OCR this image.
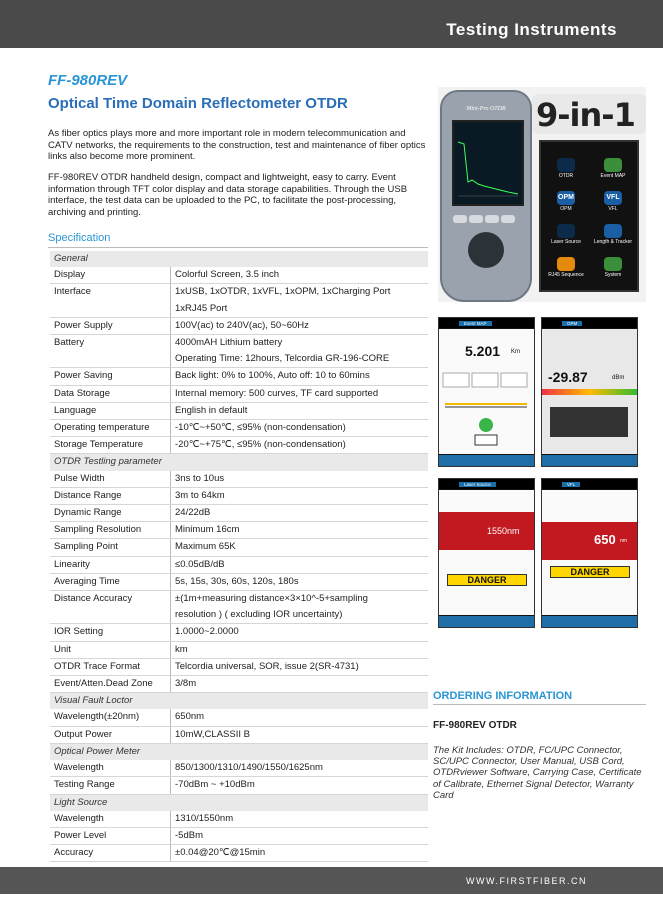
Testing Instruments
FF-980REV
Optical Time Domain Reflectometer OTDR
As fiber optics plays more and more important role in modern telecommunication and CATV networks, the requirements to the construction, test and maintenance of fiber optics links also become more prominent.
FF-980REV OTDR handheld design, compact and lightweight, easy to carry. Event information through TFT color display and data storage capabilities. Through the USB interface, the test data can be uploaded to the PC, to facilitate the post-processing, archiving and printing.
Specification
General	
Display	Colorful Screen, 3.5 inch
Interface	1xUSB, 1xOTDR, 1xVFL, 1xOPM, 1xCharging Port
	1xRJ45 Port
Power Supply	100V(ac) to 240V(ac), 50~60Hz
Battery	4000mAH Lithium battery
	Operating Time: 12hours, Telcordia GR-196-CORE
Power Saving	Back light: 0% to 100%, Auto off: 10 to 60mins
Data Storage	Internal memory: 500 curves, TF card supported
Language	English in default
Operating temperature	-10℃~+50℃, ≤95% (non-condensation)
Storage Temperature	-20℃~+75℃, ≤95% (non-condensation)
OTDR Testling parameter	
Pulse Width	3ns to 10us
Distance Range	3m to 64km
Dynamic Range	24/22dB
Sampling Resolution	Minimum 16cm
Sampling Point	Maximum 65K
Linearity	≤0.05dB/dB
Averaging Time	5s, 15s, 30s, 60s, 120s, 180s
Distance Accuracy	±(1m+measuring distance×3×10^-5+sampling
	resolution ) ( excluding IOR uncertainty)
IOR Setting	1.0000~2.0000
Unit	km
OTDR Trace Format	Telcordia universal, SOR, issue 2(SR-4731)
Event/Atten.Dead Zone	3/8m
Visual Fault Loctor	
Wavelength(±20nm)	650nm
Output Power	10mW,CLASSII B
Optical Power Meter	
Wavelength	850/1300/1310/1490/1550/1625nm
Testing Range	-70dBm ~ +10dBm
Light Source	
Wavelength	1310/1550nm
Power Level	-5dBm
Accuracy	±0.04@20℃@15min
Mini-Pro OTDR 9-in-1
OTDR	Event MAP
OPM
OPM
VFL
VFL
Laser Source	Length & Tracker
RJ45 Sequence	System
Event MAP
5.201 Km
OPM
-29.87	dBm
Laser Source
1550nm
DANGER
VFL
650 nm
DANGER
ORDERING INFORMATION
FF-980REV OTDR
The Kit Includes: OTDR, FC/UPC Connector, SC/UPC Connector, User Manual, USB Cord, OTDRviewer Software, Carrying Case, Certificate of Calibrate, Ethernet Signal Detector, Warranty Card
WWW.FIRSTFIBER.CN
